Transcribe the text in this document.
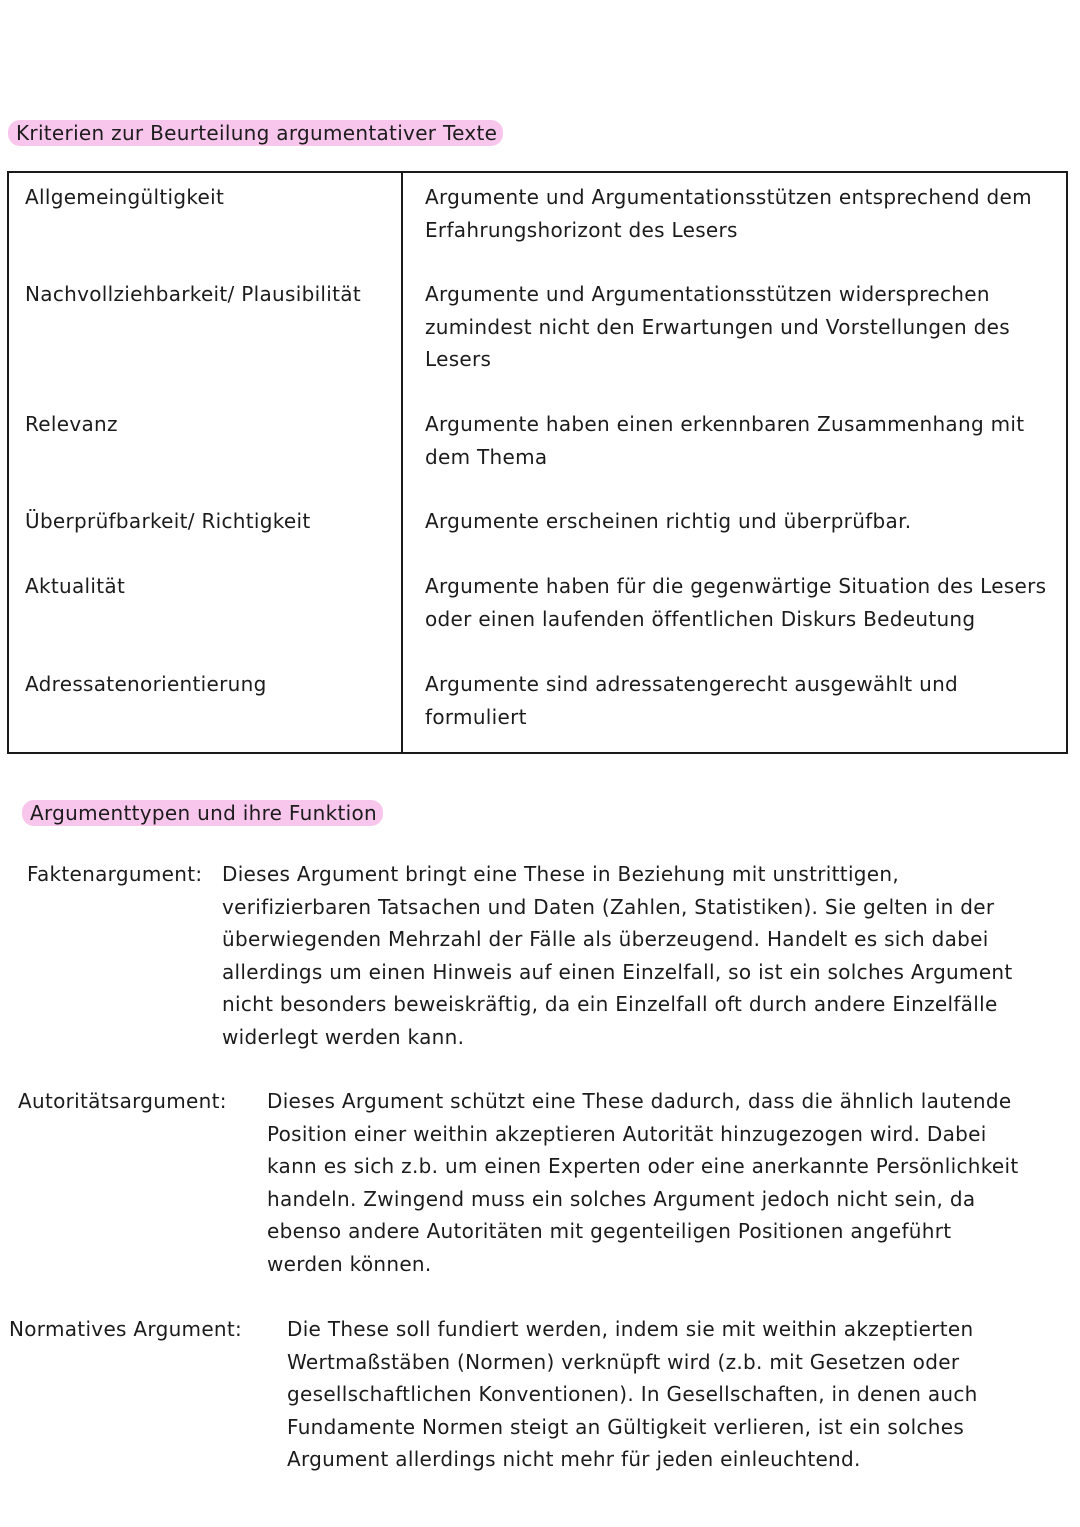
Kriterien zur Beurteilung argumentativer Texte
Allgemeingültigkeit	Argumente und Argumentationsstützen entsprechend dem Erfahrungshorizont des Lesers
Nachvollziehbarkeit/ Plausibilität	Argumente und Argumentationsstützen widersprechen zumindest nicht den Erwartungen und Vorstellungen des Lesers
Relevanz	Argumente haben einen erkennbaren Zusammenhang mit dem Thema
Überprüfbarkeit/ Richtigkeit	Argumente erscheinen richtig und überprüfbar.
Aktualität	Argumente haben für die gegenwärtige Situation des Lesers oder einen laufenden öffentlichen Diskurs Bedeutung
Adressatenorientierung	Argumente sind adressatengerecht ausgewählt und formuliert
Argumenttypen und ihre Funktion
Faktenargument: Dieses Argument bringt eine These in Beziehung mit unstrittigen, verifizierbaren Tatsachen und Daten (Zahlen, Statistiken). Sie gelten in der überwiegenden Mehrzahl der Fälle als überzeugend. Handelt es sich dabei allerdings um einen Hinweis auf einen Einzelfall, so ist ein solches Argument nicht besonders beweiskräftig, da ein Einzelfall oft durch andere Einzelfälle widerlegt werden kann.
Autoritätsargument: Dieses Argument schützt eine These dadurch, dass die ähnlich lautende Position einer weithin akzeptieren Autorität hinzugezogen wird. Dabei kann es sich z.b. um einen Experten oder eine anerkannte Persönlichkeit handeln. Zwingend muss ein solches Argument jedoch nicht sein, da ebenso andere Autoritäten mit gegenteiligen Positionen angeführt werden können.
Normatives Argument: Die These soll fundiert werden, indem sie mit weithin akzeptierten Wertmaßstäben (Normen) verknüpft wird (z.b. mit Gesetzen oder gesellschaftlichen Konventionen). In Gesellschaften, in denen auch Fundamente Normen steigt an Gültigkeit verlieren, ist ein solches Argument allerdings nicht mehr für jeden einleuchtend.
